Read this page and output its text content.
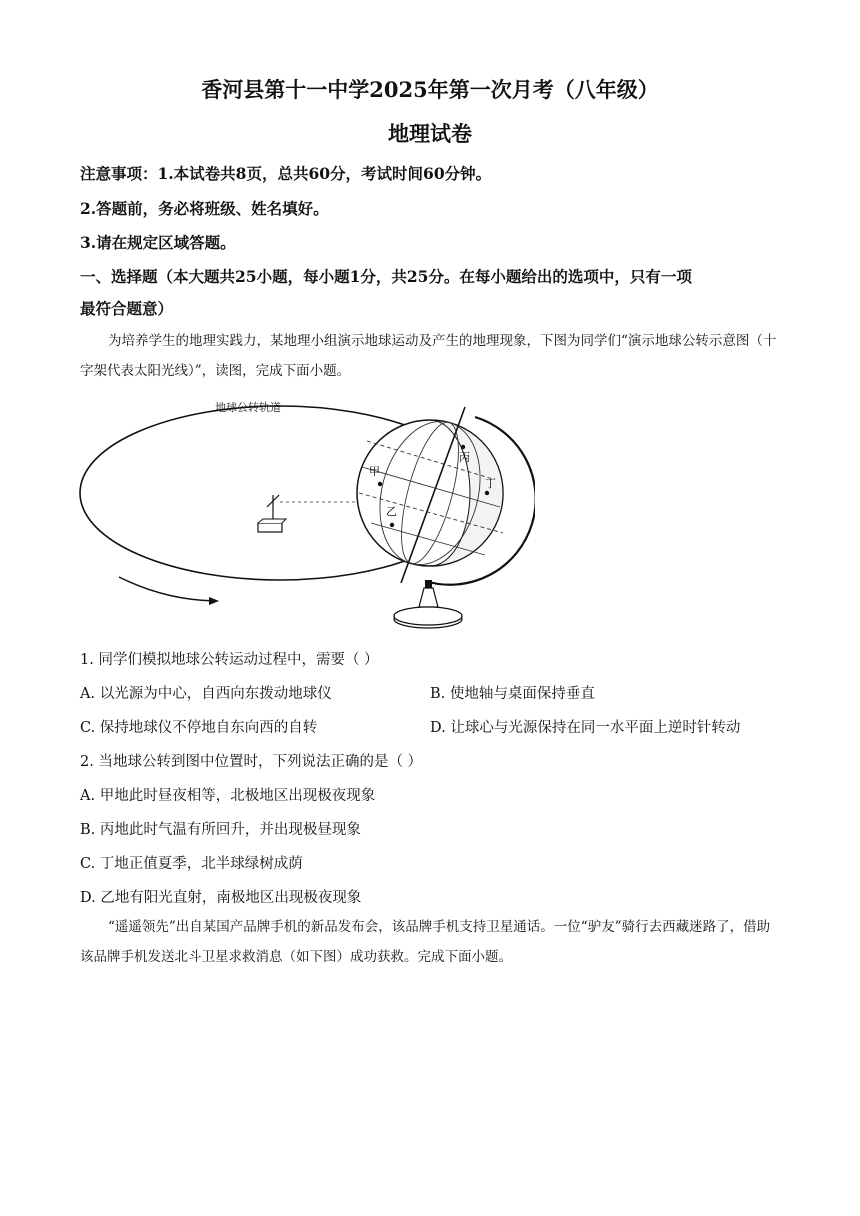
香河县第十一中学2025年第一次月考（八年级）
地理试卷
注意事项：1.本试卷共8页，总共60分，考试时间60分钟。
2.答题前，务必将班级、姓名填好。
3.请在规定区域答题。
一、选择题（本大题共25小题，每小题1分，共25分。在每小题给出的选项中，只有一项
最符合题意）
为培养学生的地理实践力，某地理小组演示地球运动及产生的地理现象，下图为同学们“演示地球公转示意图（十字架代表太阳光线）”，读图，完成下面小题。
地球公转轨道
甲
乙
丙
丁
1. 同学们模拟地球公转运动过程中，需要（ ）
A. 以光源为中心，自西向东拨动地球仪	B. 使地轴与桌面保持垂直
C. 保持地球仪不停地自东向西的自转	D. 让球心与光源保持在同一水平面上逆时针转动
2. 当地球公转到图中位置时，下列说法正确的是（ ）
A. 甲地此时昼夜相等，北极地区出现极夜现象
B. 丙地此时气温有所回升，并出现极昼现象
C. 丁地正值夏季，北半球绿树成荫
D. 乙地有阳光直射，南极地区出现极夜现象
“遥遥领先”出自某国产品牌手机的新品发布会，该品牌手机支持卫星通话。一位“驴友”骑行去西藏迷路了，借助该品牌手机发送北斗卫星求救消息（如下图）成功获救。完成下面小题。
